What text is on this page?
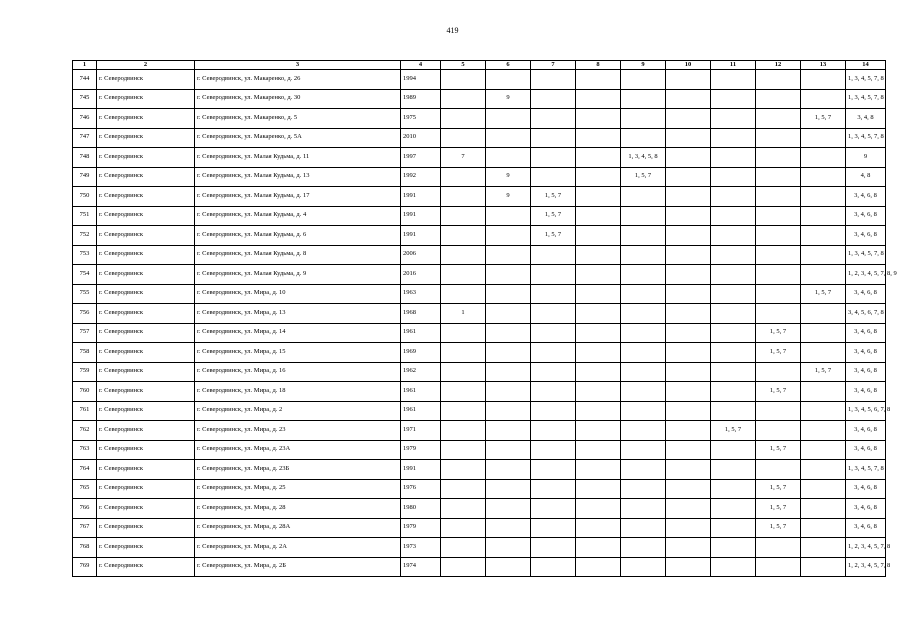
419
1	2	3	4	5	6	7	8	9	10	11	12	13	14
744	г. Северодвинск	г. Северодвинск, ул. Макаренко, д. 26	1994										1, 3, 4, 5, 7, 8
745	г. Северодвинск	г. Северодвинск, ул. Макаренко, д. 30	1989		9								1, 3, 4, 5, 7, 8
746	г. Северодвинск	г. Северодвинск, ул. Макаренко, д. 5	1975									1, 5, 7	3, 4, 8
747	г. Северодвинск	г. Северодвинск, ул. Макаренко, д. 5А	2010										1, 3, 4, 5, 7, 8
748	г. Северодвинск	г. Северодвинск, ул. Малая Кудьма, д. 11	1997	7				1, 3, 4, 5, 8					9
749	г. Северодвинск	г. Северодвинск, ул. Малая Кудьма, д. 13	1992		9			1, 5, 7					4, 8
750	г. Северодвинск	г. Северодвинск, ул. Малая Кудьма, д. 17	1991		9	1, 5, 7							3, 4, 6, 8
751	г. Северодвинск	г. Северодвинск, ул. Малая Кудьма, д. 4	1991			1, 5, 7							3, 4, 6, 8
752	г. Северодвинск	г. Северодвинск, ул. Малая Кудьма, д. 6	1991			1, 5, 7							3, 4, 6, 8
753	г. Северодвинск	г. Северодвинск, ул. Малая Кудьма, д. 8	2006										1, 3, 4, 5, 7, 8
754	г. Северодвинск	г. Северодвинск, ул. Малая Кудьма, д. 9	2016										1, 2, 3, 4, 5, 7, 8, 9
755	г. Северодвинск	г. Северодвинск, ул. Мира, д. 10	1963									1, 5, 7	3, 4, 6, 8
756	г. Северодвинск	г. Северодвинск, ул. Мира, д. 13	1968	1									3, 4, 5, 6, 7, 8
757	г. Северодвинск	г. Северодвинск, ул. Мира, д. 14	1961								1, 5, 7		3, 4, 6, 8
758	г. Северодвинск	г. Северодвинск, ул. Мира, д. 15	1969								1, 5, 7		3, 4, 6, 8
759	г. Северодвинск	г. Северодвинск, ул. Мира, д. 16	1962									1, 5, 7	3, 4, 6, 8
760	г. Северодвинск	г. Северодвинск, ул. Мира, д. 18	1961								1, 5, 7		3, 4, 6, 8
761	г. Северодвинск	г. Северодвинск, ул. Мира, д. 2	1961										1, 3, 4, 5, 6, 7, 8
762	г. Северодвинск	г. Северодвинск, ул. Мира, д. 23	1971							1, 5, 7			3, 4, 6, 8
763	г. Северодвинск	г. Северодвинск, ул. Мира, д. 23А	1979								1, 5, 7		3, 4, 6, 8
764	г. Северодвинск	г. Северодвинск, ул. Мира, д. 23Б	1991										1, 3, 4, 5, 7, 8
765	г. Северодвинск	г. Северодвинск, ул. Мира, д. 25	1976								1, 5, 7		3, 4, 6, 8
766	г. Северодвинск	г. Северодвинск, ул. Мира, д. 28	1980								1, 5, 7		3, 4, 6, 8
767	г. Северодвинск	г. Северодвинск, ул. Мира, д. 28А	1979								1, 5, 7		3, 4, 6, 8
768	г. Северодвинск	г. Северодвинск, ул. Мира, д. 2А	1973										1, 2, 3, 4, 5, 7, 8
769	г. Северодвинск	г. Северодвинск, ул. Мира, д. 2Б	1974										1, 2, 3, 4, 5, 7, 8
